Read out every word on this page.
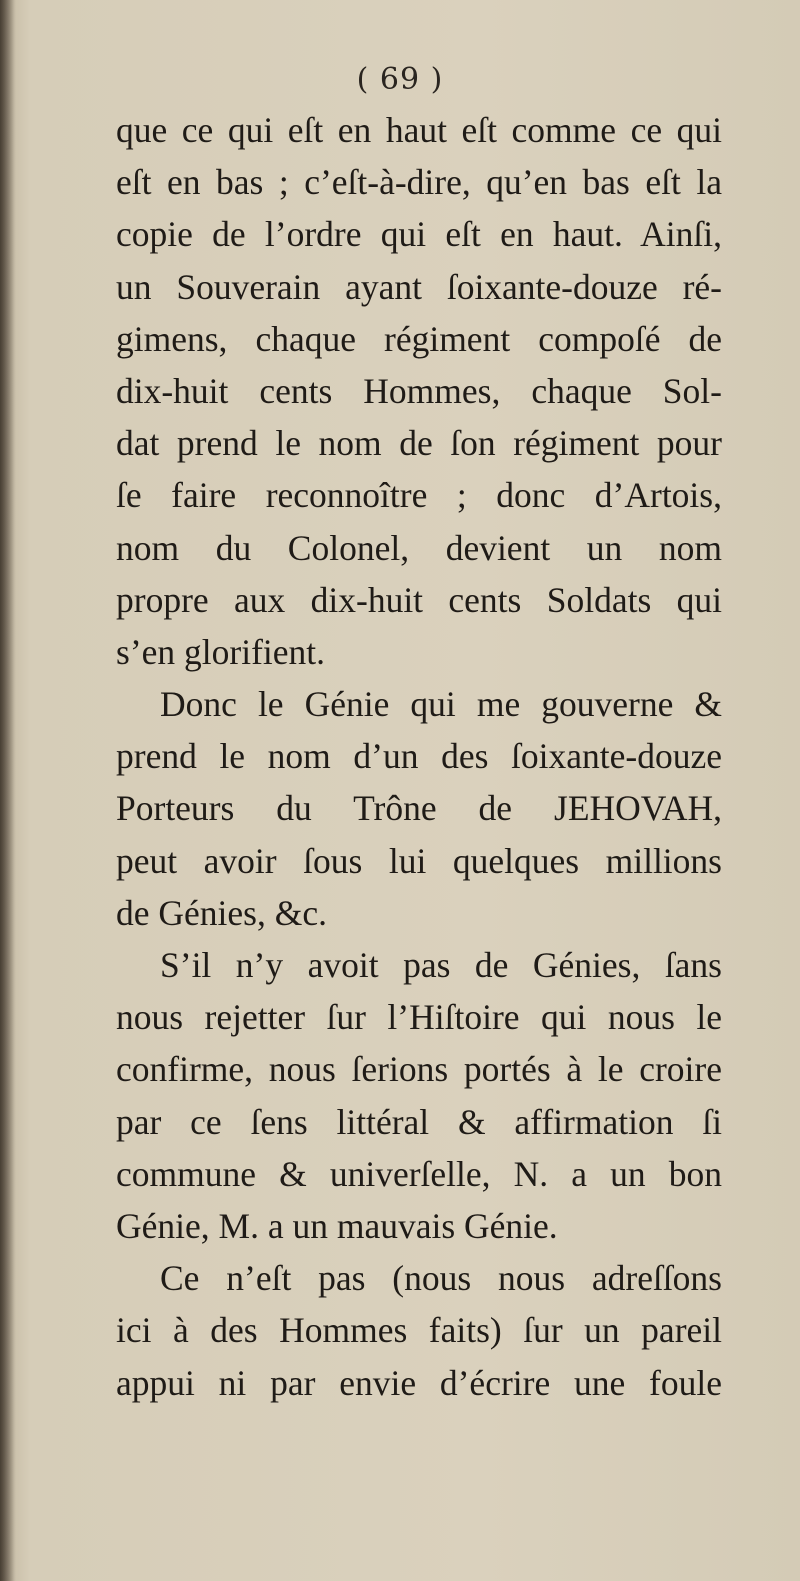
( 69 )
que ce qui eſt en haut eſt comme ce qui
eſt en bas ; c’eſt-à-dire, qu’en bas eſt la
copie de l’ordre qui eſt en haut. Ainſi,
un Souverain ayant ſoixante-douze ré-
gimens, chaque régiment compoſé de
dix-huit cents Hommes, chaque Sol-
dat prend le nom de ſon régiment pour
ſe faire reconnoître ; donc d’Artois,
nom du Colonel, devient un nom
propre aux dix-huit cents Soldats qui
s’en glorifient.
Donc le Génie qui me gouverne &
prend le nom d’un des ſoixante-douze
Porteurs du Trône de JEHOVAH,
peut avoir ſous lui quelques millions
de Génies, &c.
S’il n’y avoit pas de Génies, ſans
nous rejetter ſur l’Hiſtoire qui nous le
confirme, nous ſerions portés à le croire
par ce ſens littéral & affirmation ſi
commune & univerſelle, N. a un bon
Génie, M. a un mauvais Génie.
Ce n’eſt pas (nous nous adreſſons
ici à des Hommes faits) ſur un pareil
appui ni par envie d’écrire une foule
